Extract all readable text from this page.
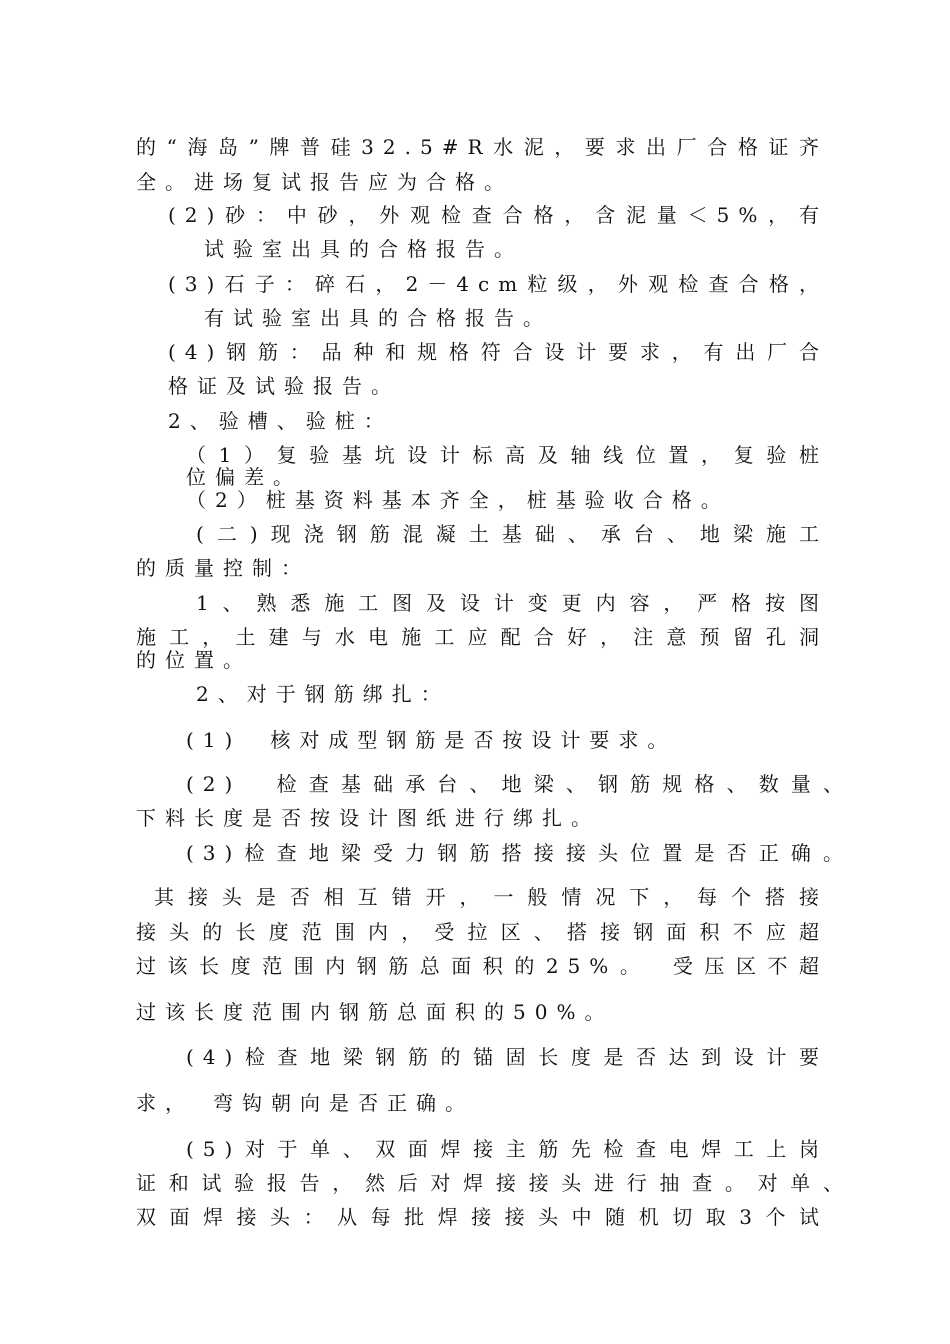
的“海岛”牌普硅32.5#R水泥，要求出厂合格证齐
全。进场复试报告应为合格。
(2)砂：中砂，外观检查合格，含泥量＜5%，有
试验室出具的合格报告。
(3)石子：碎石，2－4cm粒级，外观检查合格，
有试验室出具的合格报告。
(4)钢筋：品种和规格符合设计要求，有出厂合
格证及试验报告。
2、验槽、验桩：
（1）复验基坑设计标高及轴线位置，复验桩
位偏差。
（2）桩基资料基本齐全，桩基验收合格。
(二)现浇钢筋混凝土基础、承台、地梁施工
的质量控制：
1、熟悉施工图及设计变更内容，严格按图
施工，土建与水电施工应配合好，注意预留孔洞
的位置。
2、对于钢筋绑扎：
(1)　核对成型钢筋是否按设计要求。
(2)　检查基础承台、地梁、钢筋规格、数量、
下料长度是否按设计图纸进行绑扎。
(3)检查地梁受力钢筋搭接接头位置是否正确。
其接头是否相互错开，一般情况下，每个搭接
接头的长度范围内，受拉区、搭接钢面积不应超
过该长度范围内钢筋总面积的25%。　受压区不超
过该长度范围内钢筋总面积的50%。
(4)检查地梁钢筋的锚固长度是否达到设计要
求，　弯钩朝向是否正确。
(5)对于单、双面焊接主筋先检查电焊工上岗
证和试验报告，然后对焊接接头进行抽查。对单、
双面焊接头：从每批焊接接头中随机切取3个试
